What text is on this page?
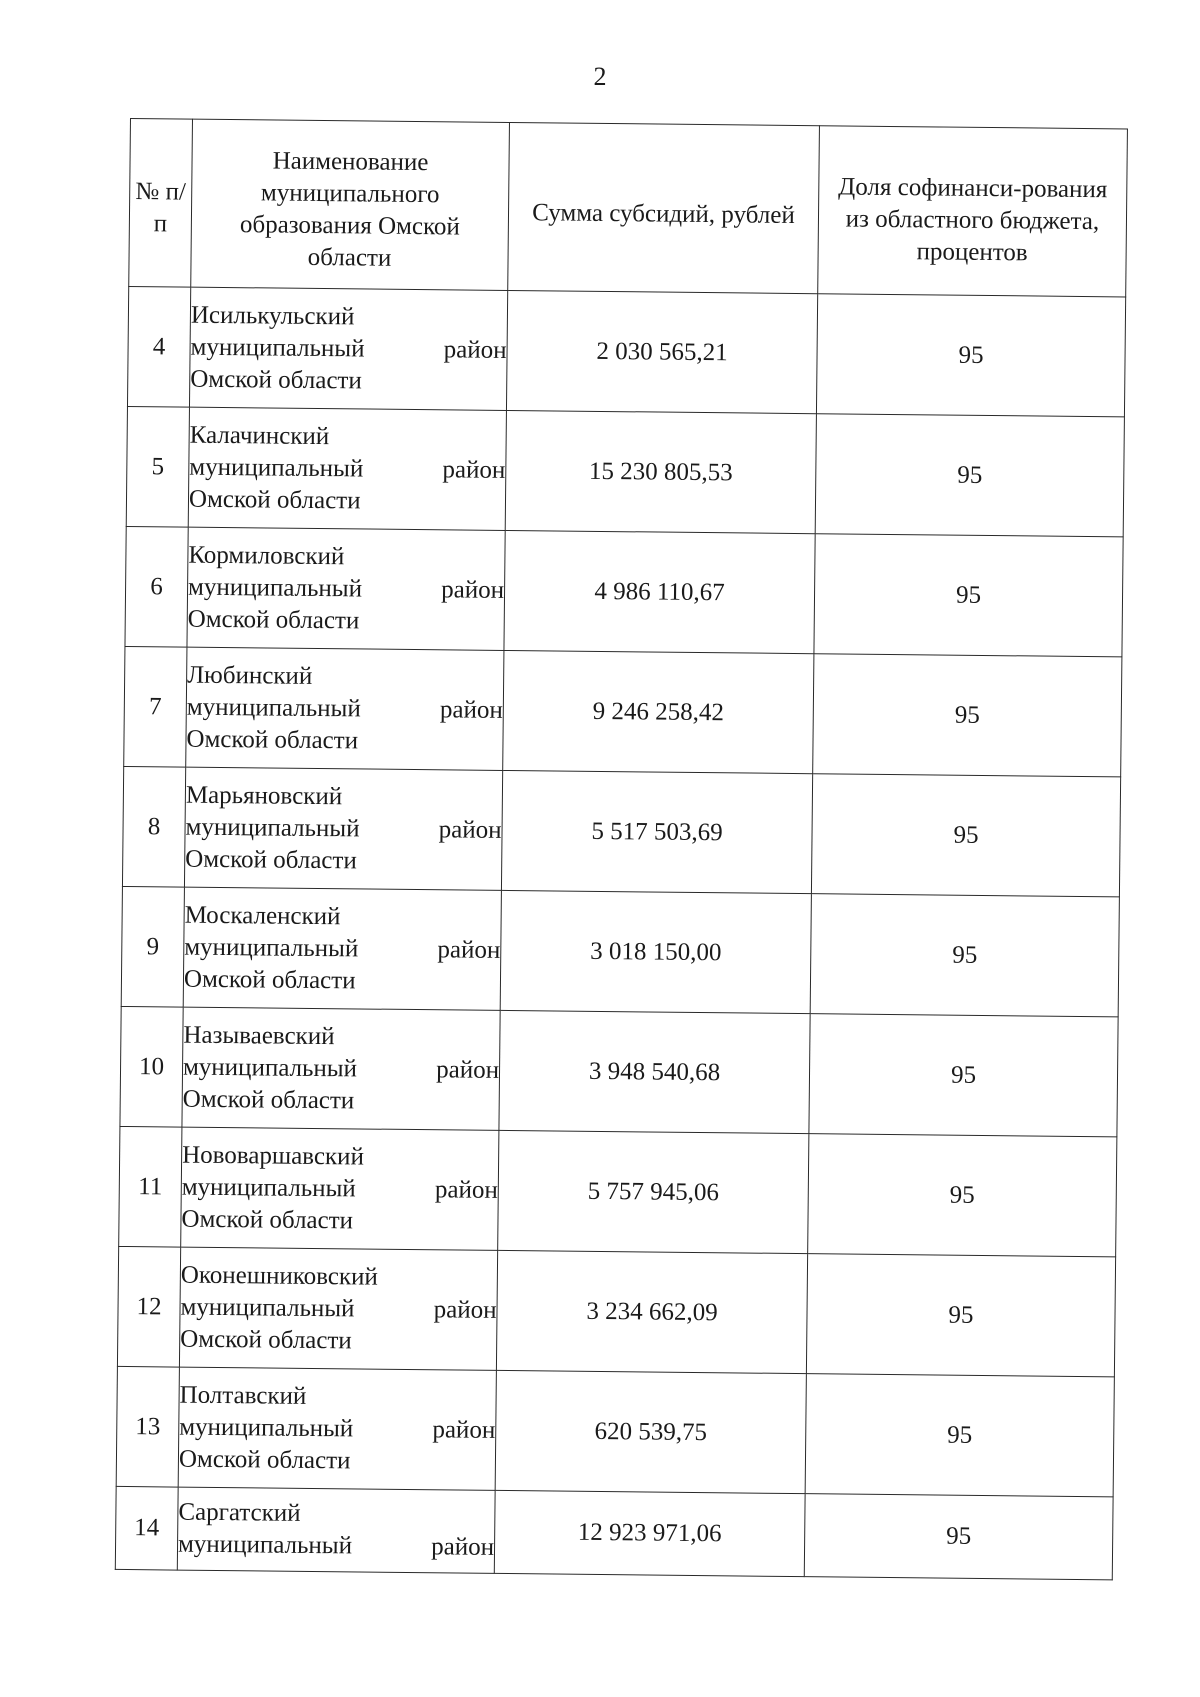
2
№ п/п	Наименование муниципального образования Омской области	Сумма субсидий, рублей	Доля софинанси-рования из областного бюджета, процентов
4	Исилькульский
муниципальный район
Омской области	2 030 565,21	95
5	Калачинский
муниципальный район
Омской области	15 230 805,53	95
6	Кормиловский
муниципальный район
Омской области	4 986 110,67	95
7	Любинский
муниципальный район
Омской области	9 246 258,42	95
8	Марьяновский
муниципальный район
Омской области	5 517 503,69	95
9	Москаленский
муниципальный район
Омской области	3 018 150,00	95
10	Называевский
муниципальный район
Омской области	3 948 540,68	95
11	Нововаршавский
муниципальный район
Омской области	5 757 945,06	95
12	Оконешниковский
муниципальный район
Омской области	3 234 662,09	95
13	Полтавский
муниципальный район
Омской области	620 539,75	95
14	Саргатский
муниципальный район	12 923 971,06	95
